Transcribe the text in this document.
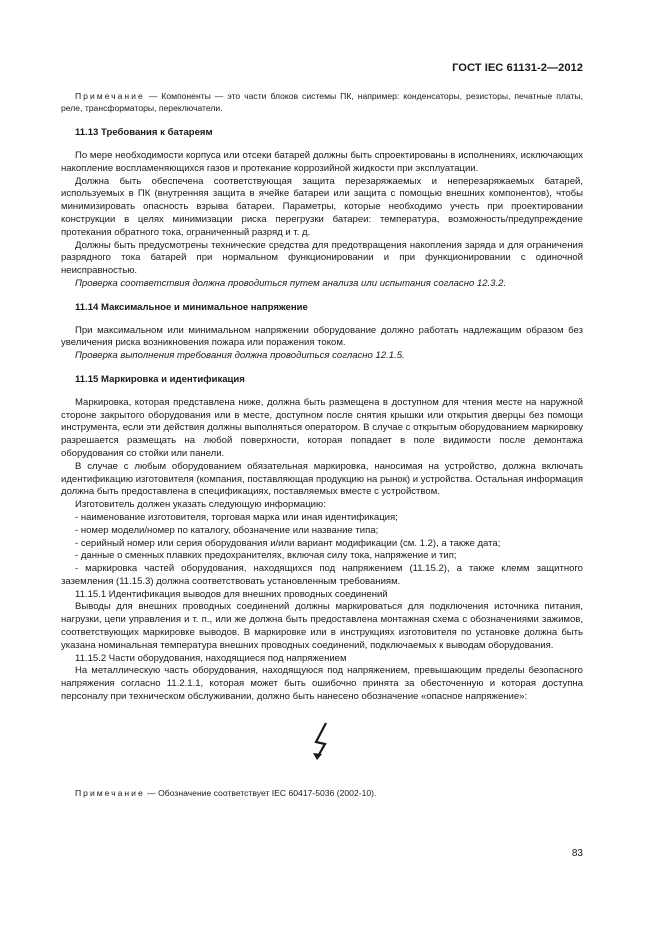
ГОСТ IEC 61131-2—2012

Примечание — Компоненты — это части блоков системы ПК, например: конденсаторы, резисторы, печатные платы, реле, трансформаторы, переключатели.

11.13 Требования к батареям

По мере необходимости корпуса или отсеки батарей должны быть спроектированы в исполнениях, исключающих накопление воспламеняющихся газов и протекание коррозийной жидкости при эксплуатации.

Должна быть обеспечена соответствующая защита перезаряжаемых и неперезаряжаемых батарей, используемых в ПК (внутренняя защита в ячейке батареи или защита с помощью внешних компонентов), чтобы минимизировать опасность взрыва батареи. Параметры, которые необходимо учесть при проектировании конструкции в целях минимизации риска перегрузки батареи: температура, возможность/предупреждение протекания обратного тока, ограниченный разряд и т. д.

Должны быть предусмотрены технические средства для предотвращения накопления заряда и для ограничения разрядного тока батарей при нормальном функционировании и при функционировании с одиночной неисправностью.

Проверка соответствия должна проводиться путем анализа или испытания согласно 12.3.2.

11.14 Максимальное и минимальное напряжение

При максимальном или минимальном напряжении оборудование должно работать надлежащим образом без увеличения риска возникновения пожара или поражения током.

Проверка выполнения требования должна проводиться согласно 12.1.5.

11.15 Маркировка и идентификация

Маркировка, которая представлена ниже, должна быть размещена в доступном для чтения месте на наружной стороне закрытого оборудования или в месте, доступном после снятия крышки или открытия дверцы без помощи инструмента, если эти действия должны выполняться оператором. В случае с открытым оборудованием маркировку разрешается размещать на любой поверхности, которая попадает в поле видимости после демонтажа оборудования со стойки или панели.

В случае с любым оборудованием обязательная маркировка, наносимая на устройство, должна включать идентификацию изготовителя (компания, поставляющая продукцию на рынок) и устройства. Остальная информация должна быть предоставлена в спецификациях, поставляемых вместе с устройством.

Изготовитель должен указать следующую информацию:

- наименование изготовителя, торговая марка или иная идентификация;

- номер модели/номер по каталогу, обозначение или название типа;

- серийный номер или серия оборудования и/или вариант модификации (см. 1.2), а также дата;

- данные о сменных плавких предохранителях, включая силу тока, напряжение и тип;

- маркировка частей оборудования, находящихся под напряжением (11.15.2), а также клемм защитного заземления (11.15.3) должна соответствовать установленным требованиям.

11.15.1 Идентификация выводов для внешних проводных соединений

Выводы для внешних проводных соединений должны маркироваться для подключения источника питания, нагрузки, цепи управления и т. п., или же должна быть предоставлена монтажная схема с обозначениями зажимов, соответствующих маркировке выводов. В маркировке или в инструкциях изготовителя по установке должна быть указана номинальная температура внешних проводных соединений, подключаемых к выводам оборудования.

11.15.2 Части оборудования, находящиеся под напряжением

На металлическую часть оборудования, находящуюся под напряжением, превышающим пределы безопасного напряжения согласно 11.2.1.1, которая может быть ошибочно принята за обесточенную и которая доступна персоналу при техническом обслуживании, должно быть нанесено обозначение «опасное напряжение»:

Примечание — Обозначение соответствует IEC 60417-5036 (2002-10).

83
